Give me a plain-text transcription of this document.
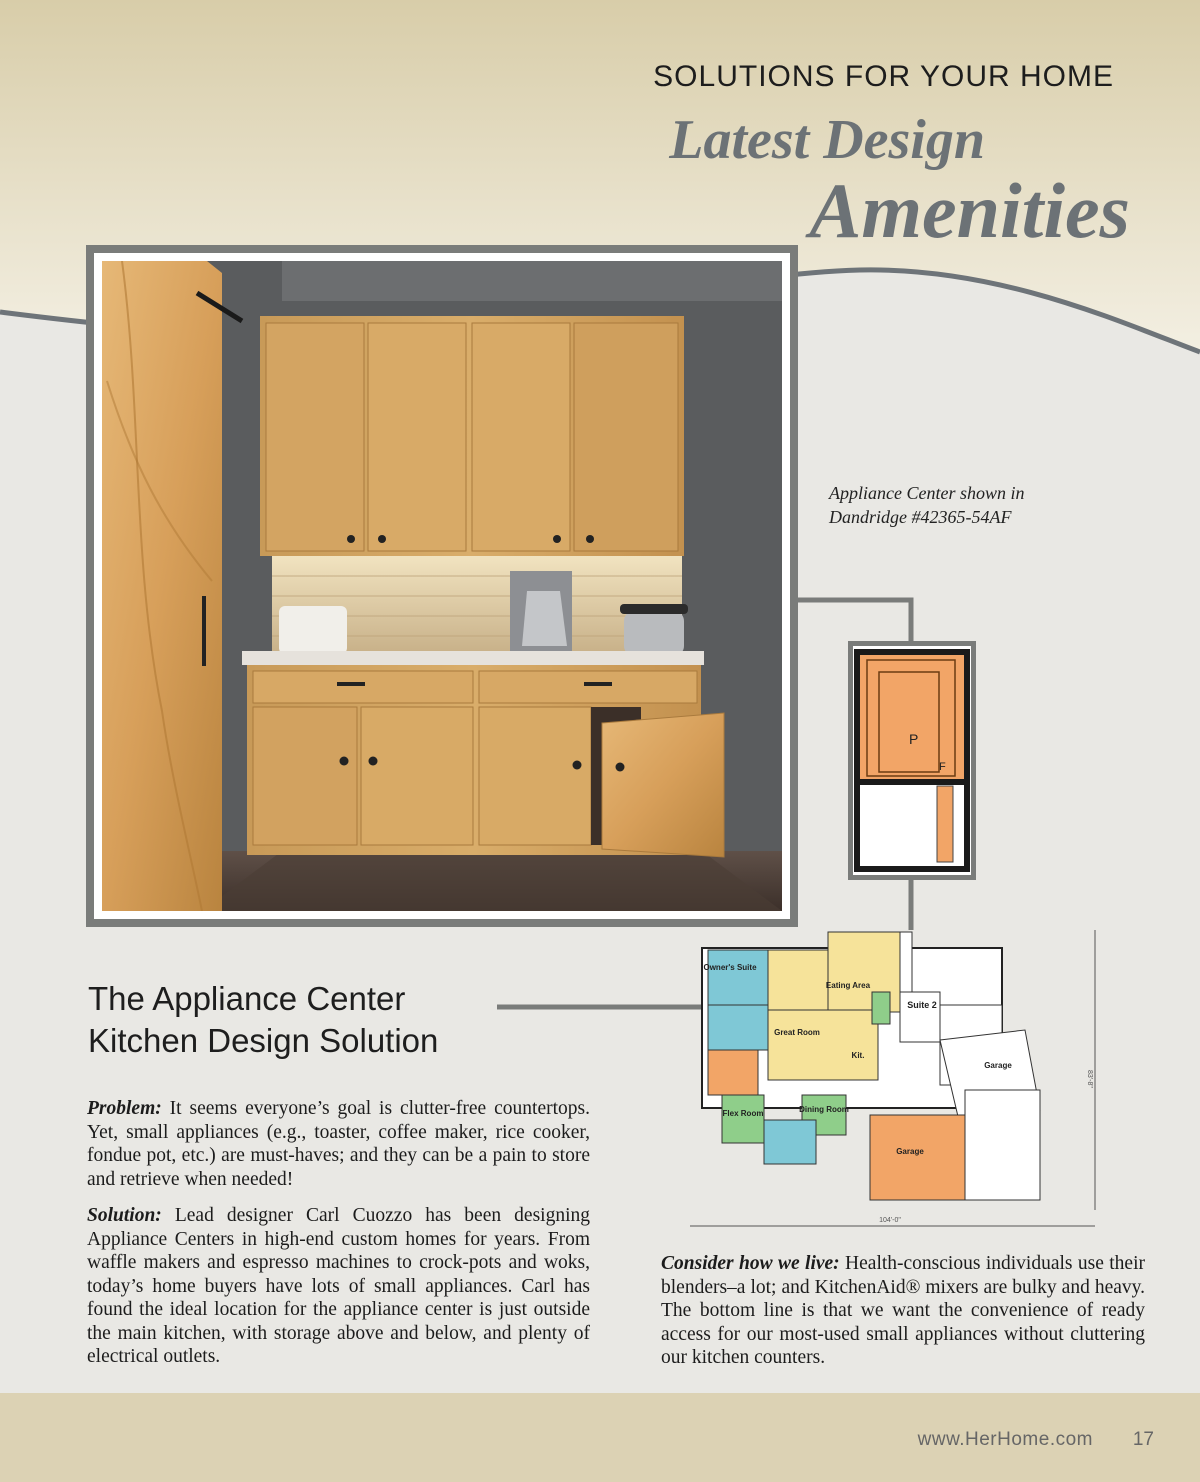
SOLUTIONS FOR YOUR HOME
Latest Design
Amenities
Appliance Center shown in
Dandridge #42365-54AF
P
F
104'-0"
83'-8"
Owner's Suite
Eating Area
Suite 2
Great Room
Kit.
Garage
Flex Room	Dining Room
Garage
The Appliance Center
Kitchen Design Solution

Problem: It seems everyone’s goal is clutter-free countertops. Yet, small appliances (e.g., toaster, coffee maker, rice cooker, fondue pot, etc.) are must-haves; and they can be a pain to store and retrieve when needed!

Solution: Lead designer Carl Cuozzo has been designing Appliance Centers in high-end custom homes for years. From waffle makers and espresso machines to crock-pots and woks, today’s home buyers have lots of small appliances. Carl has found the ideal location for the appliance center is just outside the main kitchen, with storage above and below, and plenty of electrical outlets.

Consider how we live: Health-conscious individuals use their blenders–a lot; and KitchenAid® mixers are bulky and heavy. The bottom line is that we want the convenience of ready access for our most-used small appliances without cluttering our kitchen counters.

www.HerHome.com 17
